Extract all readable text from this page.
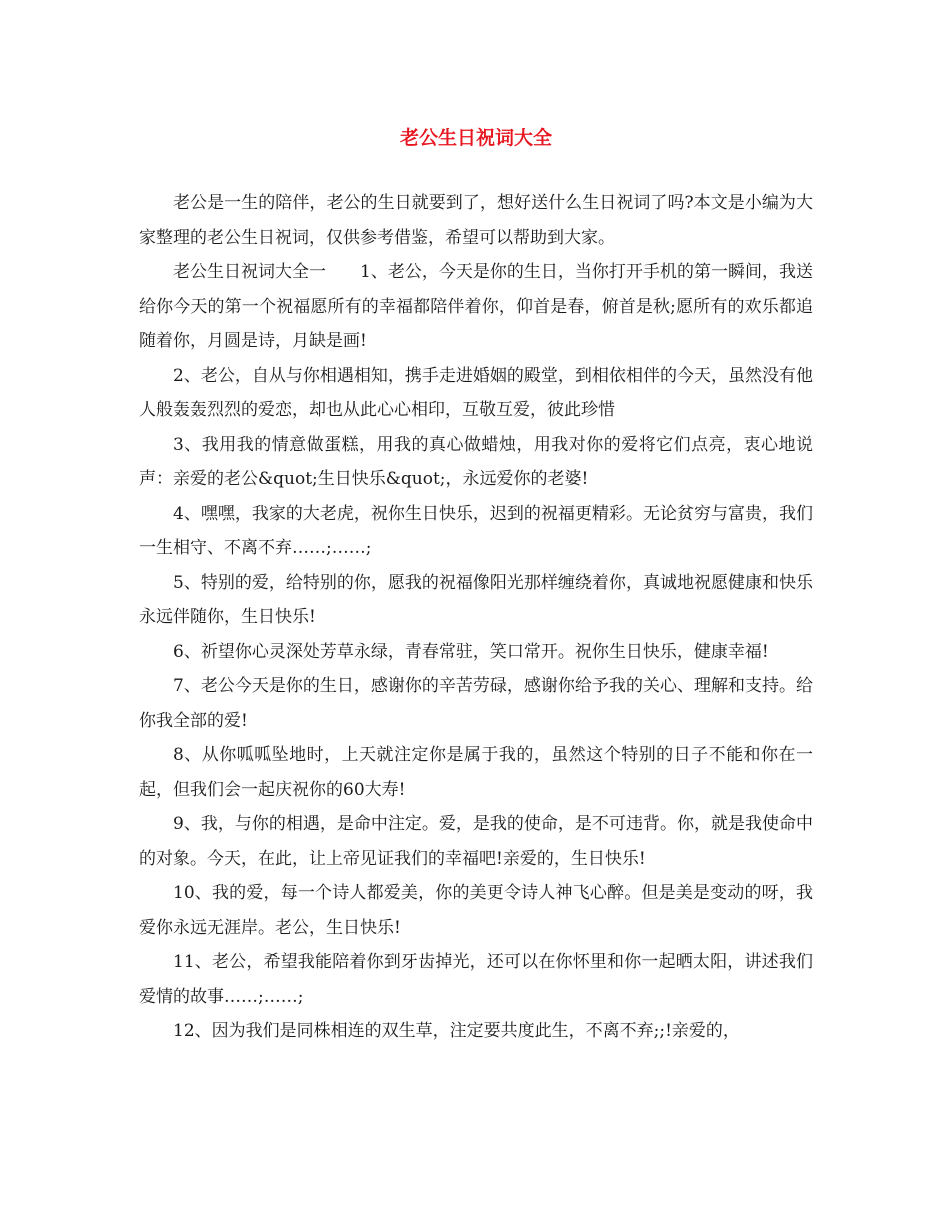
老公生日祝词大全

老公是一生的陪伴，老公的生日就要到了，想好送什么生日祝词了吗?本文是小编为大家整理的老公生日祝词，仅供参考借鉴，希望可以帮助到大家。

老公生日祝词大全一　　1、老公，今天是你的生日，当你打开手机的第一瞬间，我送给你今天的第一个祝福愿所有的幸福都陪伴着你，仰首是春，俯首是秋;愿所有的欢乐都追随着你，月圆是诗，月缺是画!

2、老公，自从与你相遇相知，携手走进婚姻的殿堂，到相依相伴的今天，虽然没有他人般轰轰烈烈的爱恋，却也从此心心相印，互敬互爱，彼此珍惜

3、我用我的情意做蛋糕，用我的真心做蜡烛，用我对你的爱将它们点亮，衷心地说声：亲爱的老公&quot;生日快乐&quot;，永远爱你的老婆!

4、嘿嘿，我家的大老虎，祝你生日快乐，迟到的祝福更精彩。无论贫穷与富贵，我们一生相守、不离不弃……;……;

5、特别的爱，给特别的你，愿我的祝福像阳光那样缠绕着你，真诚地祝愿健康和快乐永远伴随你，生日快乐!

6、祈望你心灵深处芳草永绿，青春常驻，笑口常开。祝你生日快乐，健康幸福!

7、老公今天是你的生日，感谢你的辛苦劳碌，感谢你给予我的关心、理解和支持。给你我全部的爱!

8、从你呱呱坠地时，上天就注定你是属于我的，虽然这个特别的日子不能和你在一起，但我们会一起庆祝你的60大寿!

9、我，与你的相遇，是命中注定。爱，是我的使命，是不可违背。你，就是我使命中的对象。今天，在此，让上帝见证我们的幸福吧!亲爱的，生日快乐!

10、我的爱，每一个诗人都爱美，你的美更令诗人神飞心醉。但是美是变动的呀，我爱你永远无涯岸。老公，生日快乐!

11、老公，希望我能陪着你到牙齿掉光，还可以在你怀里和你一起晒太阳，讲述我们爱情的故事……;……;

12、因为我们是同株相连的双生草，注定要共度此生，不离不弃;;!亲爱的，
